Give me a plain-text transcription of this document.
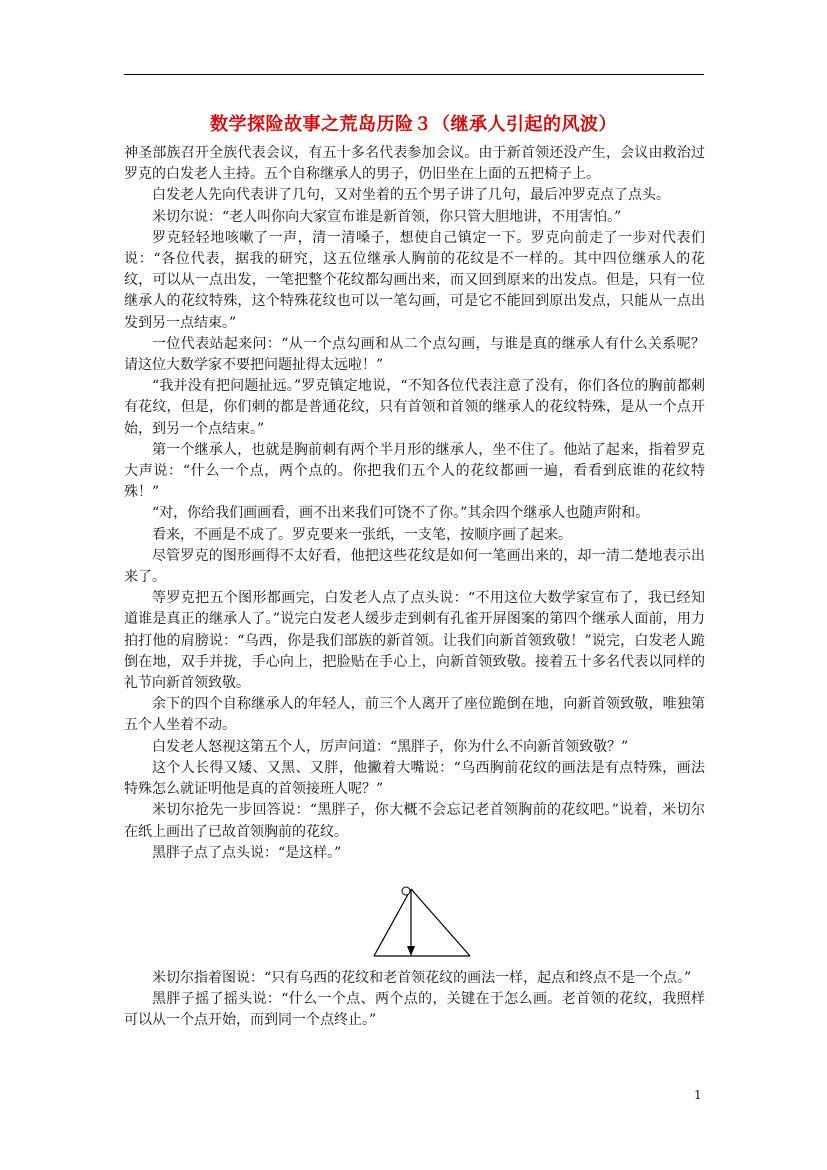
数学探险故事之荒岛历险３（继承人引起的风波）

神圣部族召开全族代表会议，有五十多名代表参加会议。由于新首领还没产生，会议由救治过罗克的白发老人主持。五个自称继承人的男子，仍旧坐在上面的五把椅子上。

白发老人先向代表讲了几句，又对坐着的五个男子讲了几句，最后冲罗克点了点头。

米切尔说：“老人叫你向大家宣布谁是新首领，你只管大胆地讲，不用害怕。”

罗克轻轻地咳嗽了一声，清一清嗓子，想使自己镇定一下。罗克向前走了一步对代表们说：“各位代表，据我的研究，这五位继承人胸前的花纹是不一样的。其中四位继承人的花纹，可以从一点出发，一笔把整个花纹都勾画出来，而又回到原来的出发点。但是，只有一位继承人的花纹特殊，这个特殊花纹也可以一笔勾画，可是它不能回到原出发点，只能从一点出发到另一点结束。”

一位代表站起来问：“从一个点勾画和从二个点勾画，与谁是真的继承人有什么关系呢？请这位大数学家不要把问题扯得太远啦！”

“我并没有把问题扯远。”罗克镇定地说，“不知各位代表注意了没有，你们各位的胸前都刺有花纹，但是，你们刺的都是普通花纹，只有首领和首领的继承人的花纹特殊，是从一个点开始，到另一个点结束。”

第一个继承人，也就是胸前刺有两个半月形的继承人，坐不住了。他站了起来，指着罗克大声说：“什么一个点，两个点的。你把我们五个人的花纹都画一遍，看看到底谁的花纹特殊！”

“对，你给我们画画看，画不出来我们可饶不了你。”其余四个继承人也随声附和。

看来，不画是不成了。罗克要来一张纸，一支笔，按顺序画了起来。

尽管罗克的图形画得不太好看，他把这些花纹是如何一笔画出来的，却一清二楚地表示出来了。

等罗克把五个图形都画完，白发老人点了点头说：“不用这位大数学家宣布了，我已经知道谁是真正的继承人了。”说完白发老人缓步走到刺有孔雀开屏图案的第四个继承人面前，用力拍打他的肩膀说：“乌西，你是我们部族的新首领。让我们向新首领致敬！”说完，白发老人跪倒在地，双手并拢，手心向上，把脸贴在手心上，向新首领致敬。接着五十多名代表以同样的礼节向新首领致敬。

余下的四个自称继承人的年轻人，前三个人离开了座位跪倒在地，向新首领致敬，唯独第五个人坐着不动。

白发老人怒视这第五个人，厉声问道：“黑胖子，你为什么不向新首领致敬？”

这个人长得又矮、又黑、又胖，他撇着大嘴说：“乌西胸前花纹的画法是有点特殊，画法特殊怎么就证明他是真的首领接班人呢？”

米切尔抢先一步回答说：“黑胖子，你大概不会忘记老首领胸前的花纹吧。”说着，米切尔在纸上画出了已故首领胸前的花纹。

黑胖子点了点头说：“是这样。”

米切尔指着图说：“只有乌西的花纹和老首领花纹的画法一样，起点和终点不是一个点。”

黑胖子摇了摇头说：“什么一个点、两个点的，关键在于怎么画。老首领的花纹，我照样可以从一个点开始，而到同一个点终止。”

1
